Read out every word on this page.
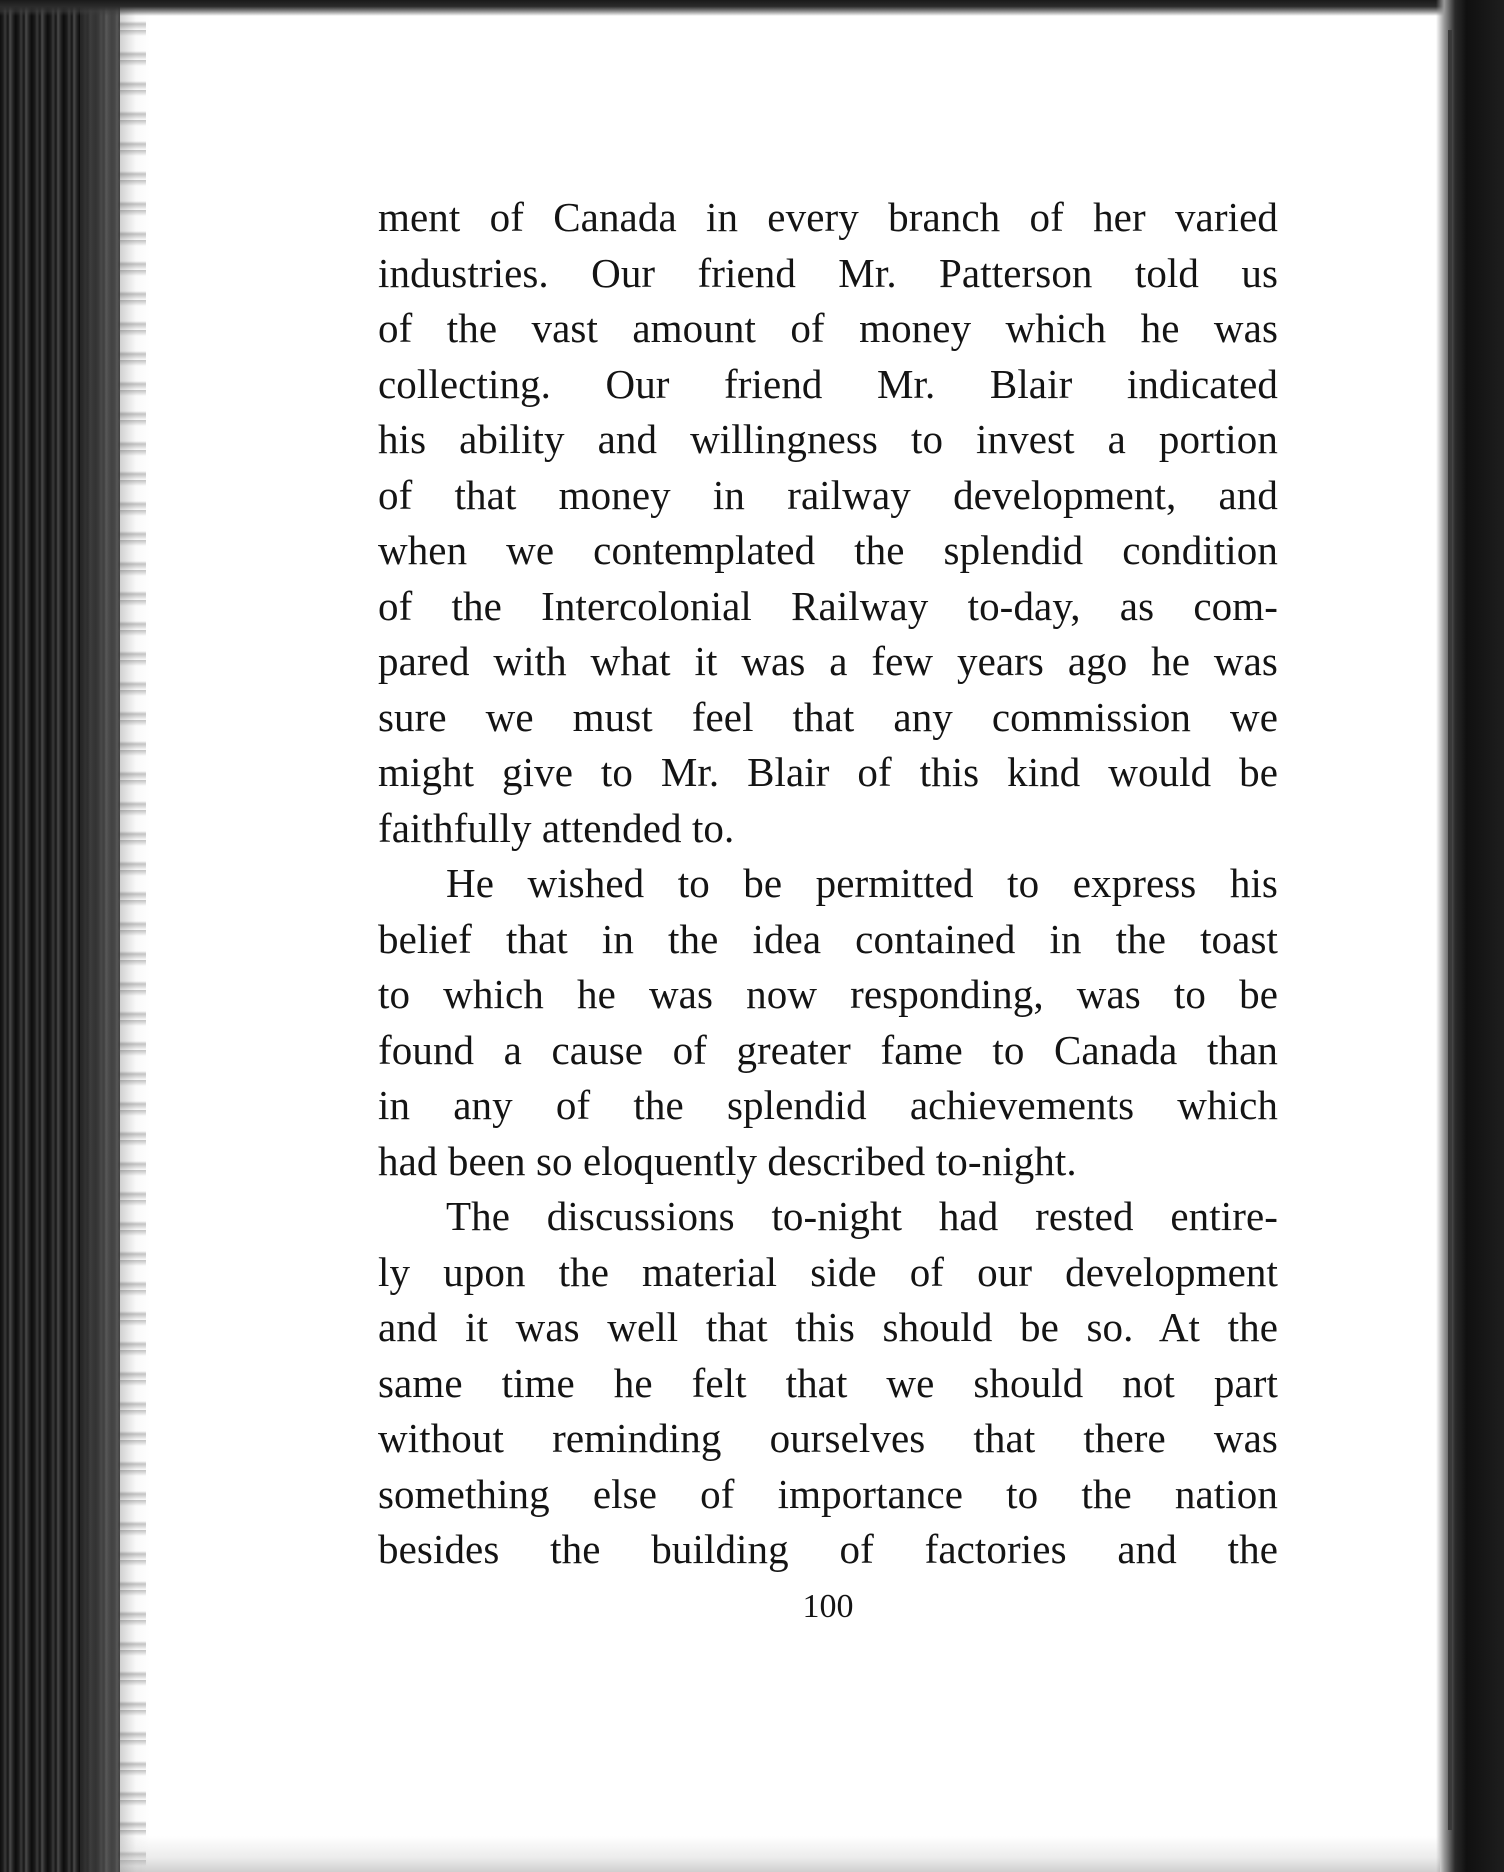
ment of Canada in every branch of her varied
industries. Our friend Mr. Patterson told us
of the vast amount of money which he was
collecting. Our friend Mr. Blair indicated
his ability and willingness to invest a portion
of that money in railway development, and
when we contemplated the splendid condition
of the Intercolonial Railway to-day, as com-
pared with what it was a few years ago he was
sure we must feel that any commission we
might give to Mr. Blair of this kind would be
faithfully attended to.
He wished to be permitted to express his
belief that in the idea contained in the toast
to which he was now responding, was to be
found a cause of greater fame to Canada than
in any of the splendid achievements which
had been so eloquently described to-night.
The discussions to-night had rested entire-
ly upon the material side of our development
and it was well that this should be so. At the
same time he felt that we should not part
without reminding ourselves that there was
something else of importance to the nation
besides the building of factories and the
100
